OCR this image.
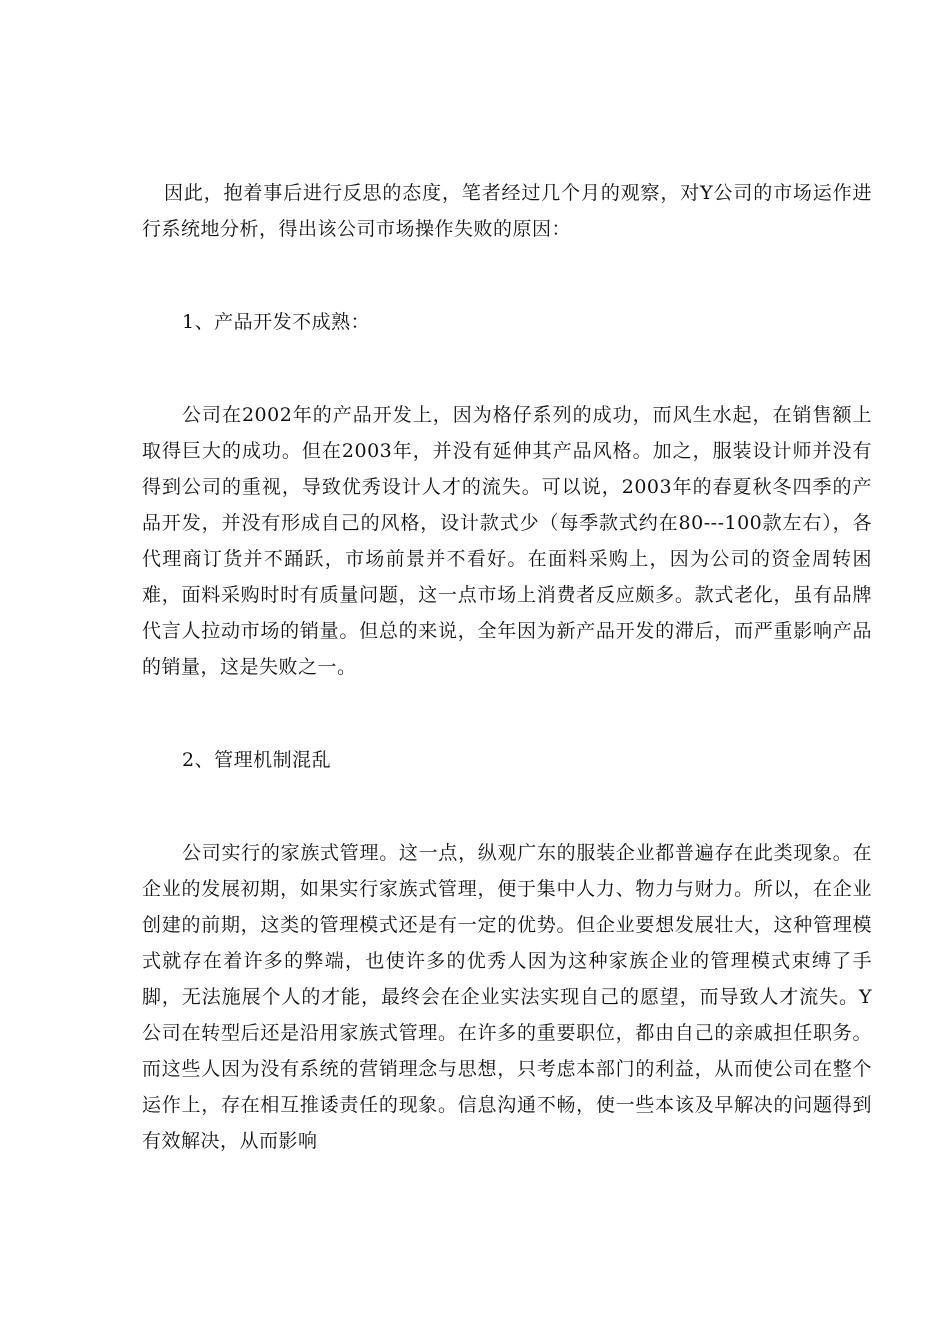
因此，抱着事后进行反思的态度，笔者经过几个月的观察，对Y公司的市场运作进行系统地分析，得出该公司市场操作失败的原因：

1、产品开发不成熟：

公司在2002年的产品开发上，因为格仔系列的成功，而风生水起，在销售额上取得巨大的成功。但在2003年，并没有延伸其产品风格。加之，服装设计师并没有得到公司的重视，导致优秀设计人才的流失。可以说，2003年的春夏秋冬四季的产品开发，并没有形成自己的风格，设计款式少（每季款式约在80---100款左右），各代理商订货并不踊跃，市场前景并不看好。在面料采购上，因为公司的资金周转困难，面料采购时时有质量问题，这一点市场上消费者反应颇多。款式老化，虽有品牌代言人拉动市场的销量。但总的来说，全年因为新产品开发的滞后，而严重影响产品的销量，这是失败之一。

2、管理机制混乱

公司实行的家族式管理。这一点，纵观广东的服装企业都普遍存在此类现象。在企业的发展初期，如果实行家族式管理，便于集中人力、物力与财力。所以，在企业创建的前期，这类的管理模式还是有一定的优势。但企业要想发展壮大，这种管理模式就存在着许多的弊端，也使许多的优秀人因为这种家族企业的管理模式束缚了手脚，无法施展个人的才能，最终会在企业实法实现自己的愿望，而导致人才流失。Y公司在转型后还是沿用家族式管理。在许多的重要职位，都由自己的亲戚担任职务。而这些人因为没有系统的营销理念与思想，只考虑本部门的利益，从而使公司在整个运作上，存在相互推诿责任的现象。信息沟通不畅，使一些本该及早解决的问题得到有效解决，从而影响
